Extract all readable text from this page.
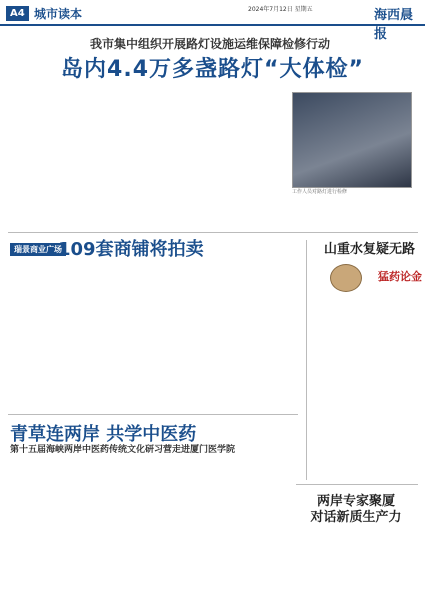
A4 城市读本	2024年7月12日 星期五	海西晨报
我市集中组织开展路灯设施运维保障检修行动
岛内4.4万多盏路灯“大体检”
工作人员对路灯进行检修
瑞景商业广场
109套商铺将拍卖	山重水复疑无路
猛药论金
青草连两岸 共学中医药
第十五届海峡两岸中医药传统文化研习营走进厦门医学院
两岸专家聚厦
对话新质生产力
